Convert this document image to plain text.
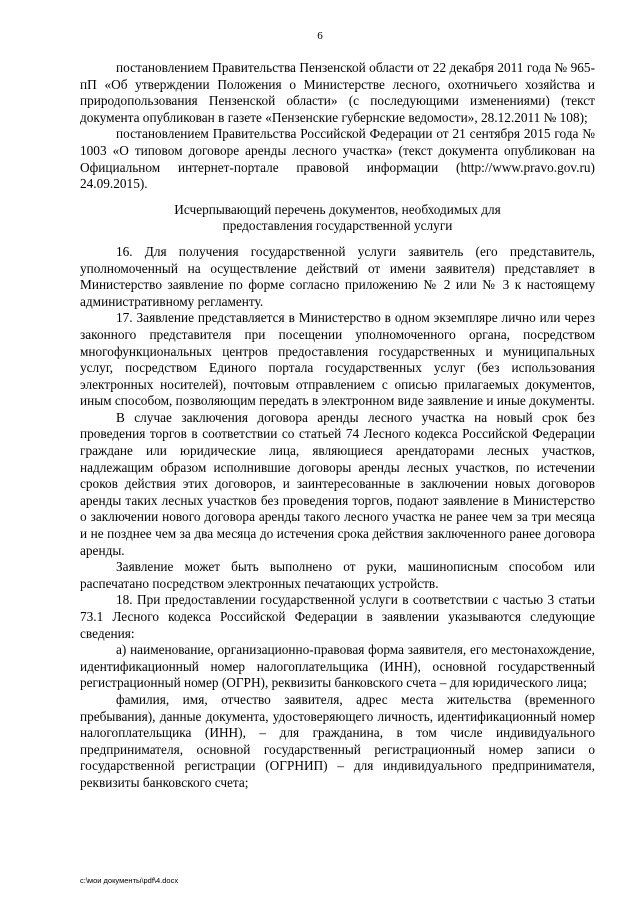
6

постановлением Правительства Пензенской области от 22 декабря 2011 года № 965-пП «Об утверждении Положения о Министерстве лесного, охотничьего хозяйства и природопользования Пензенской области» (с последующими изменениями) (текст документа опубликован в газете «Пензенские губернские ведомости», 28.12.2011 № 108);

постановлением Правительства Российской Федерации от 21 сентября 2015 года № 1003 «О типовом договоре аренды лесного участка» (текст документа опубликован на Официальном интернет-портале правовой информации (http://www.pravo.gov.ru) 24.09.2015).

Исчерпывающий перечень документов, необходимых для
предоставления государственной услуги

16. Для получения государственной услуги заявитель (его представитель, уполномоченный на осуществление действий от имени заявителя) представляет в Министерство заявление по форме согласно приложению № 2 или № 3 к настоящему административному регламенту.

17. Заявление представляется в Министерство в одном экземпляре лично или через законного представителя при посещении уполномоченного органа, посредством многофункциональных центров предоставления государственных и муниципальных услуг, посредством Единого портала государственных услуг (без использования электронных носителей), почтовым отправлением с описью прилагаемых документов, иным способом, позволяющим передать в электронном виде заявление и иные документы.

В случае заключения договора аренды лесного участка на новый срок без проведения торгов в соответствии со статьей 74 Лесного кодекса Российской Федерации граждане или юридические лица, являющиеся арендаторами лесных участков, надлежащим образом исполнившие договоры аренды лесных участков, по истечении сроков действия этих договоров, и заинтересованные в заключении новых договоров аренды таких лесных участков без проведения торгов, подают заявление в Министерство о заключении нового договора аренды такого лесного участка не ранее чем за три месяца и не позднее чем за два месяца до истечения срока действия заключенного ранее договора аренды.

Заявление может быть выполнено от руки, машинописным способом или распечатано посредством электронных печатающих устройств.

18. При предоставлении государственной услуги в соответствии с частью 3 статьи 73.1 Лесного кодекса Российской Федерации в заявлении указываются следующие сведения:

а) наименование, организационно-правовая форма заявителя, его местонахождение, идентификационный номер налогоплательщика (ИНН), основной государственный регистрационный номер (ОГРН), реквизиты банковского счета – для юридического лица;

фамилия, имя, отчество заявителя, адрес места жительства (временного пребывания), данные документа, удостоверяющего личность, идентификационный номер налогоплательщика (ИНН), – для гражданина, в том числе индивидуального предпринимателя, основной государственный регистрационный номер записи о государственной регистрации (ОГРНИП) – для индивидуального предпринимателя, реквизиты банковского счета;

c:\мои документы\pdf\4.docx
